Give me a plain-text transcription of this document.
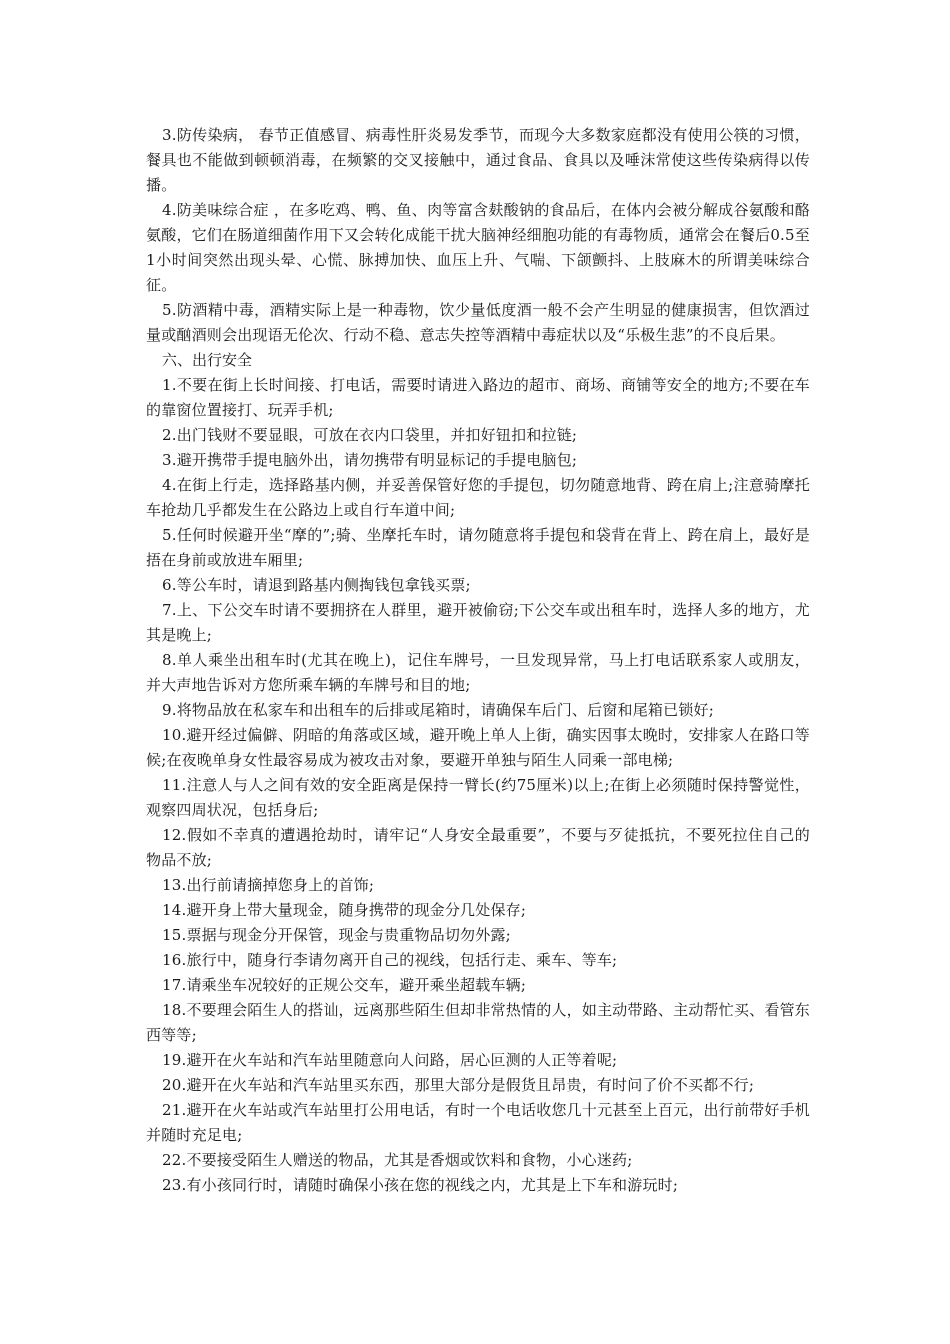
3.防传染病， 春节正值感冒、病毒性肝炎易发季节，而现今大多数家庭都没有使用公筷的习惯，餐具也不能做到顿顿消毒，在频繁的交叉接触中，通过食品、食具以及唾沫常使这些传染病得以传播。

4.防美味综合症 ，在多吃鸡、鸭、鱼、肉等富含麸酸钠的食品后，在体内会被分解成谷氨酸和酪氨酸，它们在肠道细菌作用下又会转化成能干扰大脑神经细胞功能的有毒物质，通常会在餐后0.5至1小时间突然出现头晕、心慌、脉搏加快、血压上升、气喘、下颌颤抖、上肢麻木的所谓美味综合征。

5.防酒精中毒，酒精实际上是一种毒物，饮少量低度酒一般不会产生明显的健康损害，但饮酒过量或酗酒则会出现语无伦次、行动不稳、意志失控等酒精中毒症状以及“乐极生悲”的不良后果。

六、出行安全

1.不要在街上长时间接、打电话，需要时请进入路边的超市、商场、商铺等安全的地方;不要在车的靠窗位置接打、玩弄手机;

2.出门钱财不要显眼，可放在衣内口袋里，并扣好钮扣和拉链;

3.避开携带手提电脑外出，请勿携带有明显标记的手提电脑包;

4.在街上行走，选择路基内侧，并妥善保管好您的手提包，切勿随意地背、跨在肩上;注意骑摩托车抢劫几乎都发生在公路边上或自行车道中间;

5.任何时候避开坐“摩的”;骑、坐摩托车时，请勿随意将手提包和袋背在背上、跨在肩上，最好是捂在身前或放进车厢里;

6.等公车时，请退到路基内侧掏钱包拿钱买票;

7.上、下公交车时请不要拥挤在人群里，避开被偷窃;下公交车或出租车时，选择人多的地方，尤其是晚上;

8.单人乘坐出租车时(尤其在晚上)，记住车牌号，一旦发现异常，马上打电话联系家人或朋友，并大声地告诉对方您所乘车辆的车牌号和目的地;

9.将物品放在私家车和出租车的后排或尾箱时，请确保车后门、后窗和尾箱已锁好;

10.避开经过偏僻、阴暗的角落或区域，避开晚上单人上街，确实因事太晚时，安排家人在路口等候;在夜晚单身女性最容易成为被攻击对象，要避开单独与陌生人同乘一部电梯;

11.注意人与人之间有效的安全距离是保持一臂长(约75厘米)以上;在街上必须随时保持警觉性，观察四周状况，包括身后;

12.假如不幸真的遭遇抢劫时，请牢记“人身安全最重要”，不要与歹徒抵抗，不要死拉住自己的物品不放;

13.出行前请摘掉您身上的首饰;

14.避开身上带大量现金，随身携带的现金分几处保存;

15.票据与现金分开保管，现金与贵重物品切勿外露;

16.旅行中，随身行李请勿离开自己的视线，包括行走、乘车、等车;

17.请乘坐车况较好的正规公交车，避开乘坐超载车辆;

18.不要理会陌生人的搭讪，远离那些陌生但却非常热情的人，如主动带路、主动帮忙买、看管东西等等;

19.避开在火车站和汽车站里随意向人问路，居心叵测的人正等着呢;

20.避开在火车站和汽车站里买东西，那里大部分是假货且昂贵，有时问了价不买都不行;

21.避开在火车站或汽车站里打公用电话，有时一个电话收您几十元甚至上百元，出行前带好手机并随时充足电;

22.不要接受陌生人赠送的物品，尤其是香烟或饮料和食物，小心迷药;

23.有小孩同行时，请随时确保小孩在您的视线之内，尤其是上下车和游玩时;
